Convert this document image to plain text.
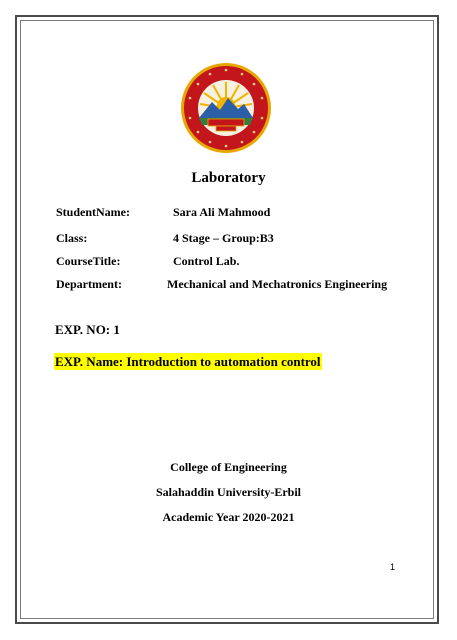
Laboratory
StudentName:	Sara Ali Mahmood
Class:	4 Stage – Group:B3
CourseTitle:	Control Lab.
Department:	Mechanical and Mechatronics Engineering
EXP. NO: 1
EXP. Name: Introduction to automation control
College of Engineering
Salahaddin University-Erbil
Academic Year 2020-2021
1
